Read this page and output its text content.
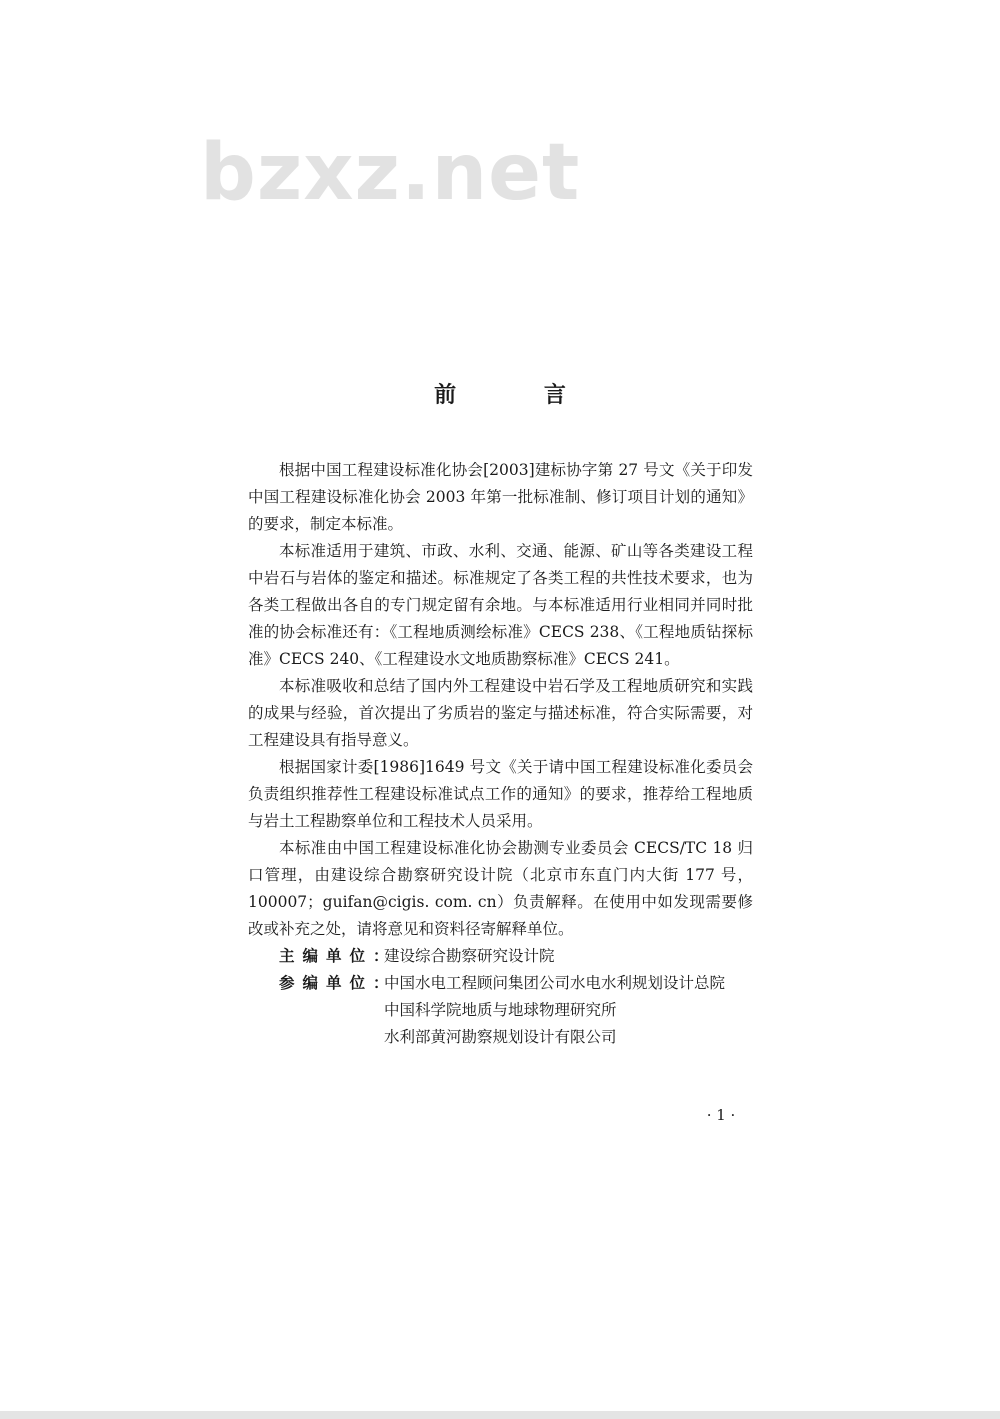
bzxz.net
前 言

根据中国工程建设标准化协会[2003]建标协字第 27 号文《关于印发中国工程建设标准化协会 2003 年第一批标准制、修订项目计划的通知》的要求，制定本标准。

本标准适用于建筑、市政、水利、交通、能源、矿山等各类建设工程中岩石与岩体的鉴定和描述。标准规定了各类工程的共性技术要求，也为各类工程做出各自的专门规定留有余地。与本标准适用行业相同并同时批准的协会标准还有：《工程地质测绘标准》CECS 238、《工程地质钻探标准》CECS 240、《工程建设水文地质勘察标准》CECS 241。

本标准吸收和总结了国内外工程建设中岩石学及工程地质研究和实践的成果与经验，首次提出了劣质岩的鉴定与描述标准，符合实际需要，对工程建设具有指导意义。

根据国家计委[1986]1649 号文《关于请中国工程建设标准化委员会负责组织推荐性工程建设标准试点工作的通知》的要求，推荐给工程地质与岩土工程勘察单位和工程技术人员采用。

本标准由中国工程建设标准化协会勘测专业委员会 CECS/TC 18 归口管理，由建设综合勘察研究设计院（北京市东直门内大街 177 号，100007；guifan@cigis. com. cn）负责解释。在使用中如发现需要修改或补充之处，请将意见和资料径寄解释单位。

主编单位：
建设综合勘察研究设计院
参编单位：
中国水电工程顾问集团公司水电水利规划设计总院
中国科学院地质与地球物理研究所
水利部黄河勘察规划设计有限公司
· 1 ·
